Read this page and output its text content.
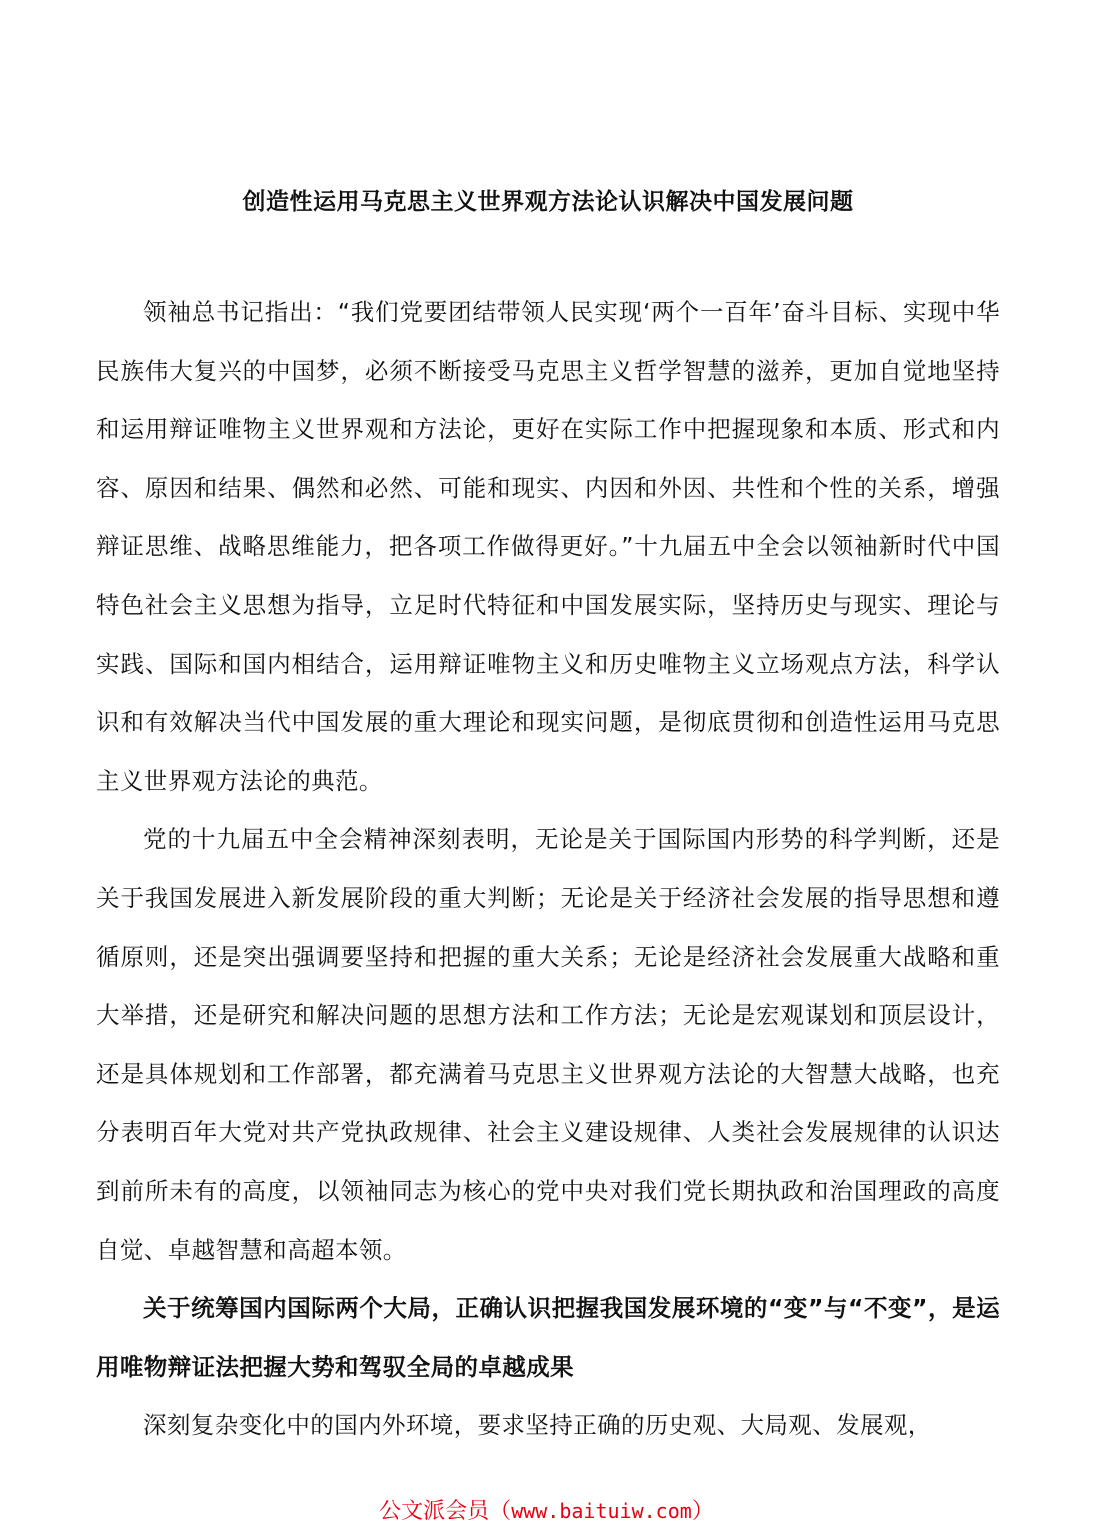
创造性运用马克思主义世界观方法论认识解决中国发展问题

领袖总书记指出：“我们党要团结带领人民实现‘两个一百年’奋斗目标、实现中华民族伟大复兴的中国梦，必须不断接受马克思主义哲学智慧的滋养，更加自觉地坚持和运用辩证唯物主义世界观和方法论，更好在实际工作中把握现象和本质、形式和内容、原因和结果、偶然和必然、可能和现实、内因和外因、共性和个性的关系，增强辩证思维、战略思维能力，把各项工作做得更好。”十九届五中全会以领袖新时代中国特色社会主义思想为指导，立足时代特征和中国发展实际，坚持历史与现实、理论与实践、国际和国内相结合，运用辩证唯物主义和历史唯物主义立场观点方法，科学认识和有效解决当代中国发展的重大理论和现实问题，是彻底贯彻和创造性运用马克思主义世界观方法论的典范。

党的十九届五中全会精神深刻表明，无论是关于国际国内形势的科学判断，还是关于我国发展进入新发展阶段的重大判断；无论是关于经济社会发展的指导思想和遵循原则，还是突出强调要坚持和把握的重大关系；无论是经济社会发展重大战略和重大举措，还是研究和解决问题的思想方法和工作方法；无论是宏观谋划和顶层设计，还是具体规划和工作部署，都充满着马克思主义世界观方法论的大智慧大战略，也充分表明百年大党对共产党执政规律、社会主义建设规律、人类社会发展规律的认识达到前所未有的高度，以领袖同志为核心的党中央对我们党长期执政和治国理政的高度自觉、卓越智慧和高超本领。

关于统筹国内国际两个大局，正确认识把握我国发展环境的“变”与“不变”，是运用唯物辩证法把握大势和驾驭全局的卓越成果

深刻复杂变化中的国内外环境，要求坚持正确的历史观、大局观、发展观，

公文派会员（www.baituiw.com）
